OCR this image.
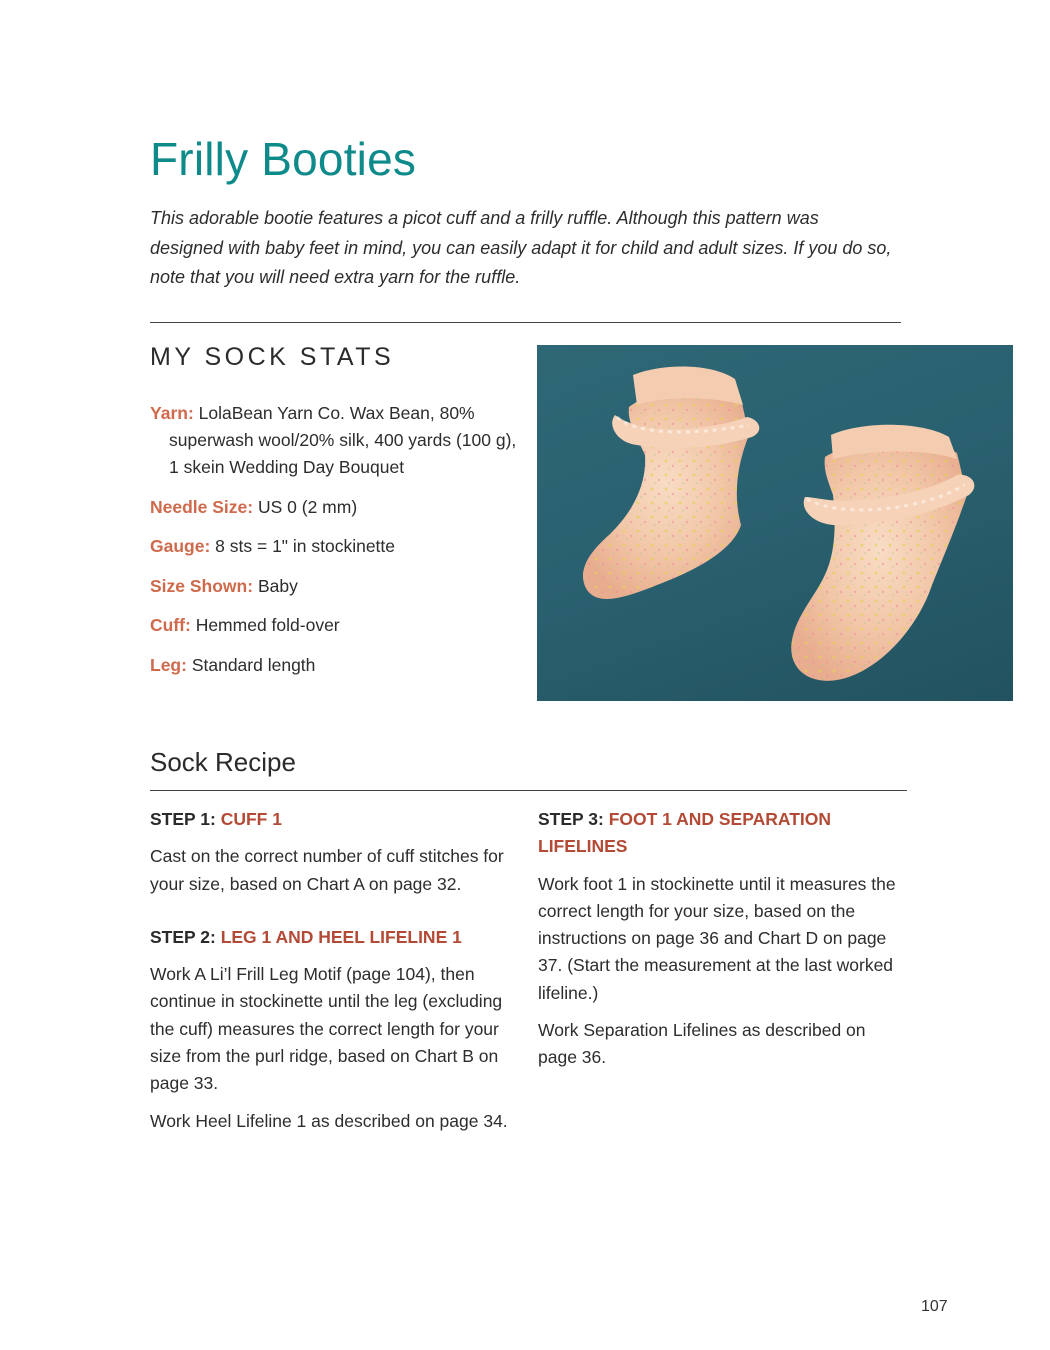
Frilly Booties
This adorable bootie features a picot cuff and a frilly ruffle. Although this pattern was designed with baby feet in mind, you can easily adapt it for child and adult sizes. If you do so, note that you will need extra yarn for the ruffle.
MY SOCK STATS

Yarn: LolaBean Yarn Co. Wax Bean, 80% superwash wool/20% silk, 400 yards (100 g), 1 skein Wedding Day Bouquet

Needle Size: US 0 (2 mm)

Gauge: 8 sts = 1" in stockinette

Size Shown: Baby

Cuff: Hemmed fold-over

Leg: Standard length

Sock Recipe

STEP 1: CUFF 1

Cast on the correct number of cuff stitches for your size, based on Chart A on page 32.

STEP 2: LEG 1 AND HEEL LIFELINE 1

Work A Li’l Frill Leg Motif (page 104), then continue in stockinette until the leg (excluding the cuff) measures the correct length for your size from the purl ridge, based on Chart B on page 33.

Work Heel Lifeline 1 as described on page 34.

STEP 3: FOOT 1 AND SEPARATION LIFELINES

Work foot 1 in stockinette until it measures the correct length for your size, based on the instructions on page 36 and Chart D on page 37. (Start the measurement at the last worked lifeline.)

Work Separation Lifelines as described on page 36.

107
